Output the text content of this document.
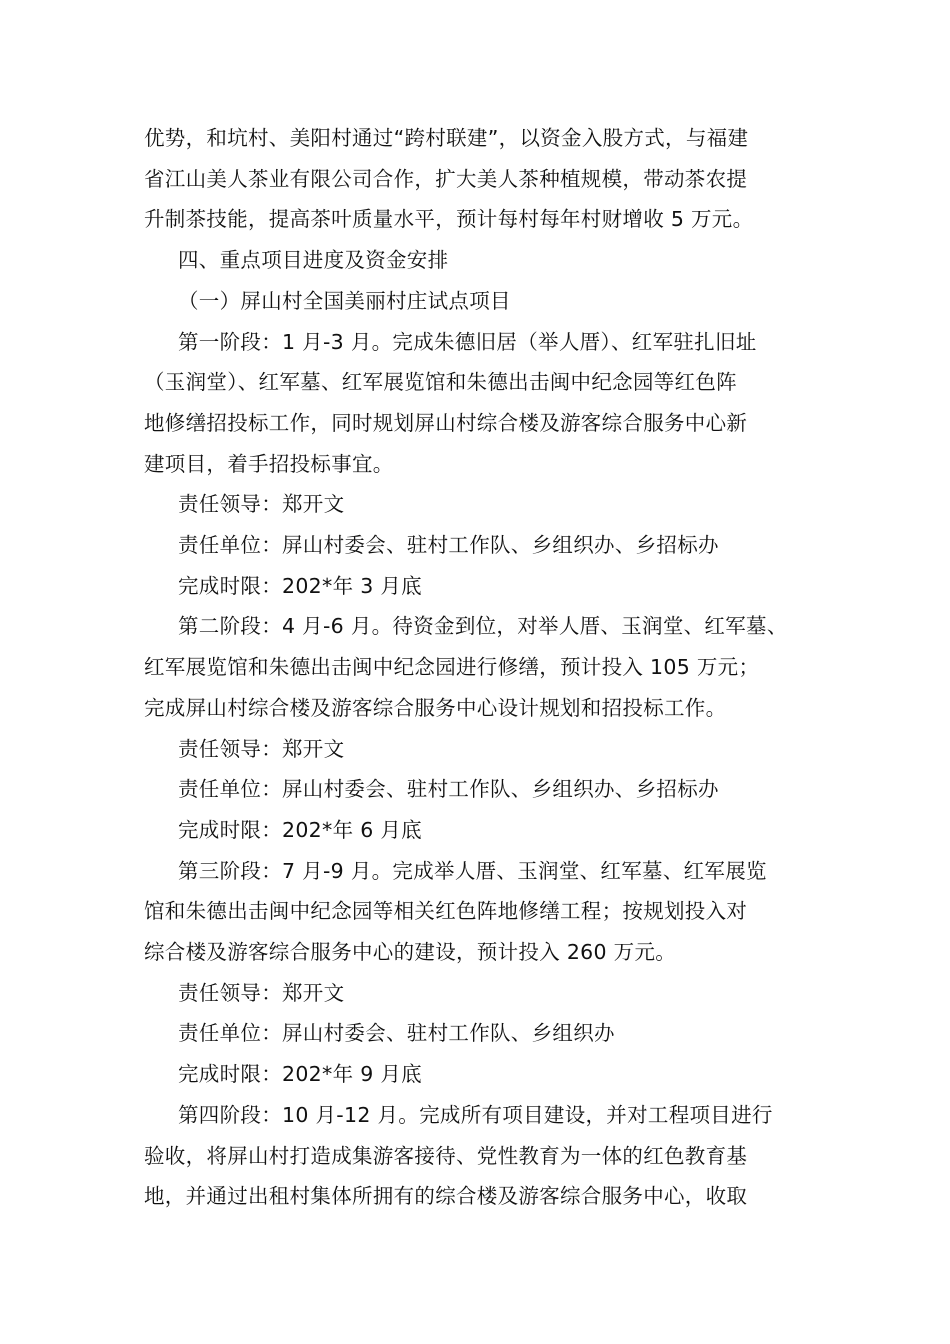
优势，和坑村、美阳村通过“跨村联建”，以资金入股方式，与福建
省江山美人茶业有限公司合作，扩大美人茶种植规模，带动茶农提
升制茶技能，提高茶叶质量水平，预计每村每年村财增收 5 万元。

四、重点项目进度及资金安排

（一）屏山村全国美丽村庄试点项目

第一阶段：1 月-3 月。完成朱德旧居（举人厝）、红军驻扎旧址
（玉润堂）、红军墓、红军展览馆和朱德出击闽中纪念园等红色阵
地修缮招投标工作，同时规划屏山村综合楼及游客综合服务中心新
建项目，着手招投标事宜。

责任领导：郑开文

责任单位：屏山村委会、驻村工作队、乡组织办、乡招标办

完成时限：202*年 3 月底

第二阶段：4 月-6 月。待资金到位，对举人厝、玉润堂、红军墓、
红军展览馆和朱德出击闽中纪念园进行修缮，预计投入 105 万元；
完成屏山村综合楼及游客综合服务中心设计规划和招投标工作。

责任领导：郑开文

责任单位：屏山村委会、驻村工作队、乡组织办、乡招标办

完成时限：202*年 6 月底

第三阶段：7 月-9 月。完成举人厝、玉润堂、红军墓、红军展览
馆和朱德出击闽中纪念园等相关红色阵地修缮工程；按规划投入对
综合楼及游客综合服务中心的建设，预计投入 260 万元。

责任领导：郑开文

责任单位：屏山村委会、驻村工作队、乡组织办

完成时限：202*年 9 月底

第四阶段：10 月-12 月。完成所有项目建设，并对工程项目进行
验收，将屏山村打造成集游客接待、党性教育为一体的红色教育基
地，并通过出租村集体所拥有的综合楼及游客综合服务中心，收取
